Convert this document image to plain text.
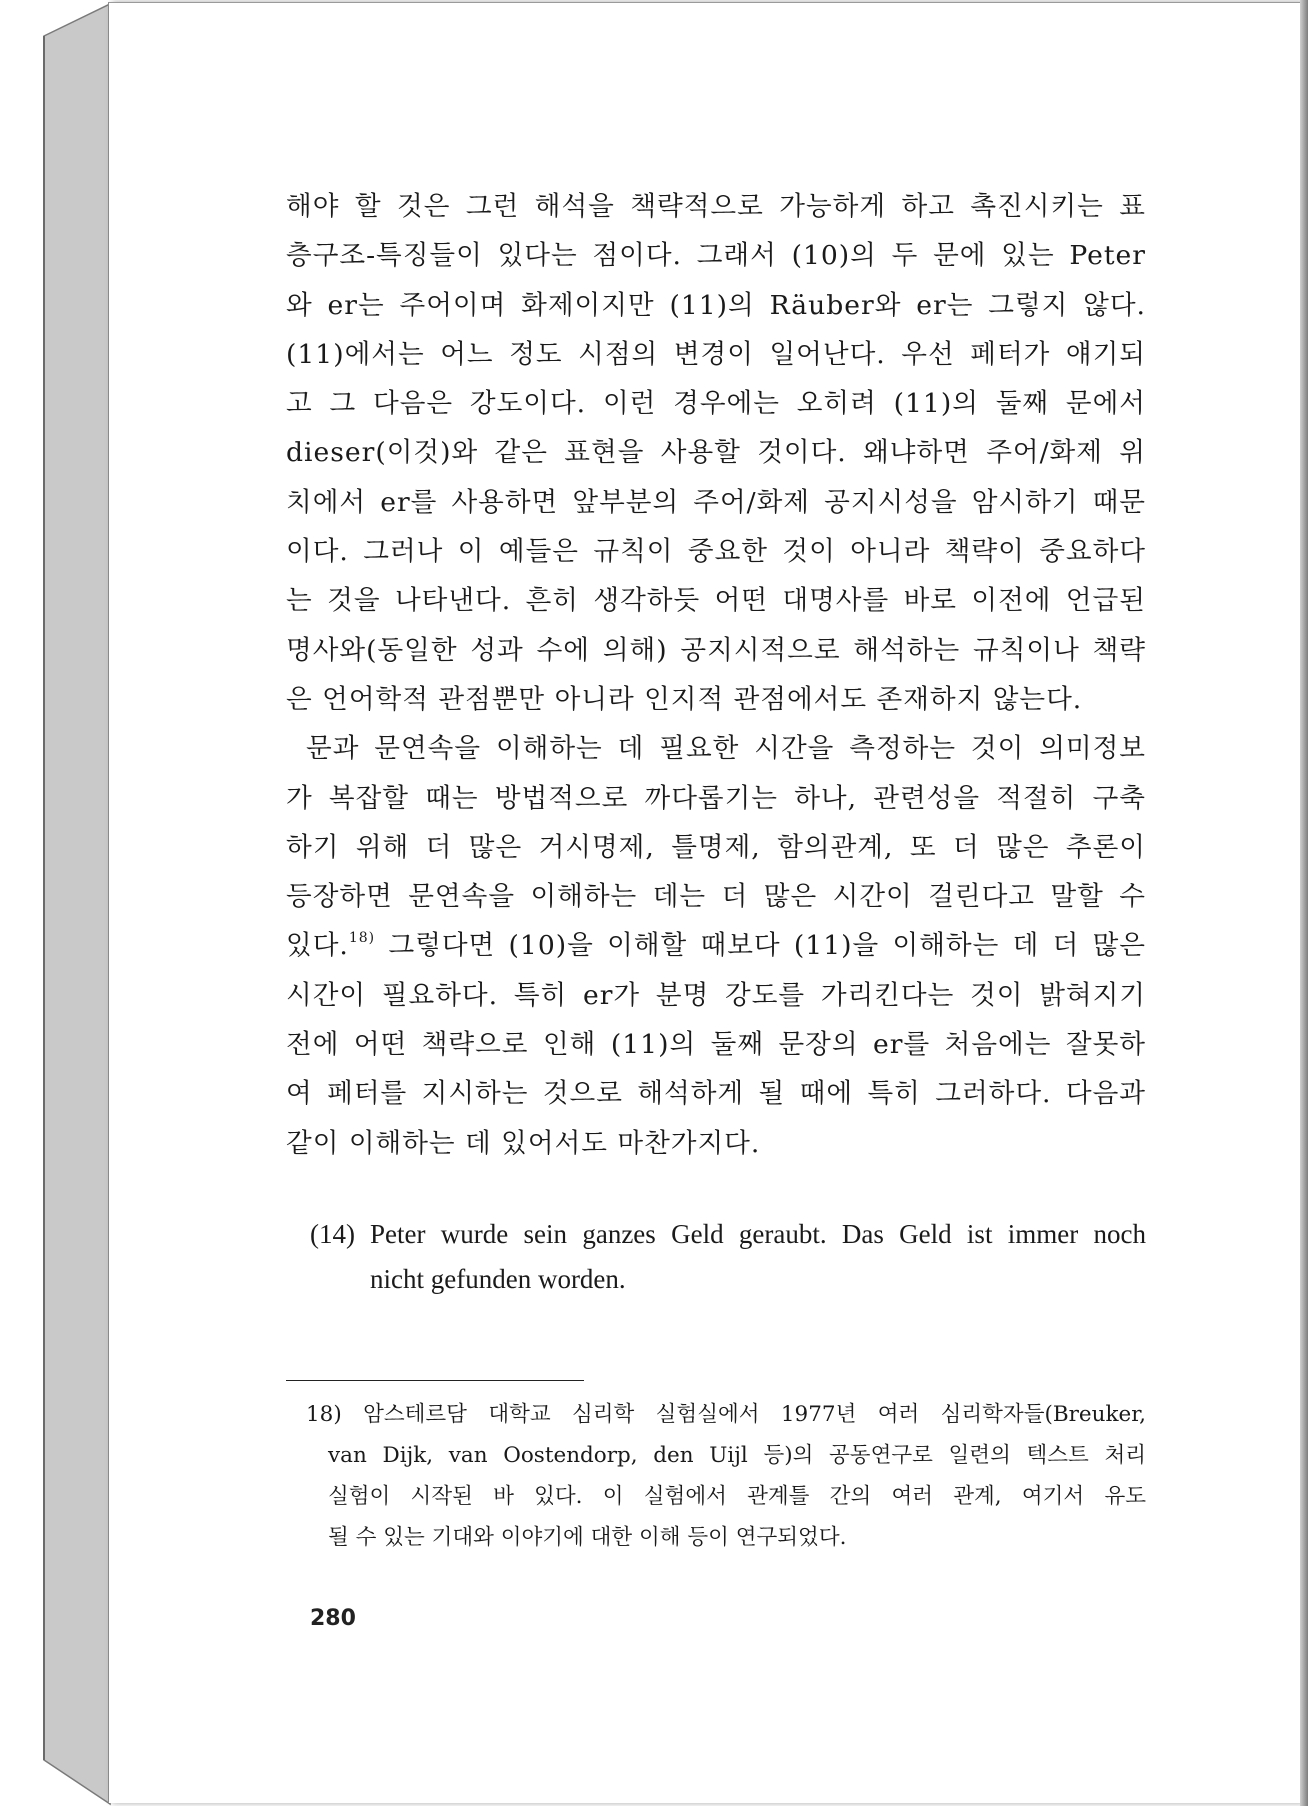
해야 할 것은 그런 해석을 책략적으로 가능하게 하고 촉진시키는 표
층구조-특징들이 있다는 점이다. 그래서 (10)의 두 문에 있는 Peter
와 er는 주어이며 화제이지만 (11)의 Räuber와 er는 그렇지 않다.
(11)에서는 어느 정도 시점의 변경이 일어난다. 우선 페터가 얘기되
고 그 다음은 강도이다. 이런 경우에는 오히려 (11)의 둘째 문에서
dieser(이것)와 같은 표현을 사용할 것이다. 왜냐하면 주어/화제 위
치에서 er를 사용하면 앞부분의 주어/화제 공지시성을 암시하기 때문
이다. 그러나 이 예들은 규칙이 중요한 것이 아니라 책략이 중요하다
는 것을 나타낸다. 흔히 생각하듯 어떤 대명사를 바로 이전에 언급된
명사와(동일한 성과 수에 의해) 공지시적으로 해석하는 규칙이나 책략
은 언어학적 관점뿐만 아니라 인지적 관점에서도 존재하지 않는다.
문과 문연속을 이해하는 데 필요한 시간을 측정하는 것이 의미정보
가 복잡할 때는 방법적으로 까다롭기는 하나, 관련성을 적절히 구축
하기 위해 더 많은 거시명제, 틀명제, 함의관계, 또 더 많은 추론이
등장하면 문연속을 이해하는 데는 더 많은 시간이 걸린다고 말할 수
있다.$^{18)}$ 그렇다면 (10)을 이해할 때보다 (11)을 이해하는 데 더 많은
시간이 필요하다. 특히 er가 분명 강도를 가리킨다는 것이 밝혀지기
전에 어떤 책략으로 인해 (11)의 둘째 문장의 er를 처음에는 잘못하
여 페터를 지시하는 것으로 해석하게 될 때에 특히 그러하다. 다음과
같이 이해하는 데 있어서도 마찬가지다.
(14) Peter wurde sein ganzes Geld geraubt. Das Geld ist immer noch
nicht gefunden worden.
18) 암스테르담 대학교 심리학 실험실에서 1977년 여러 심리학자들(Breuker,
van Dijk, van Oostendorp, den Uijl 등)의 공동연구로 일련의 텍스트 처리
실험이 시작된 바 있다. 이 실험에서 관계틀 간의 여러 관계, 여기서 유도
될 수 있는 기대와 이야기에 대한 이해 등이 연구되었다.
280
